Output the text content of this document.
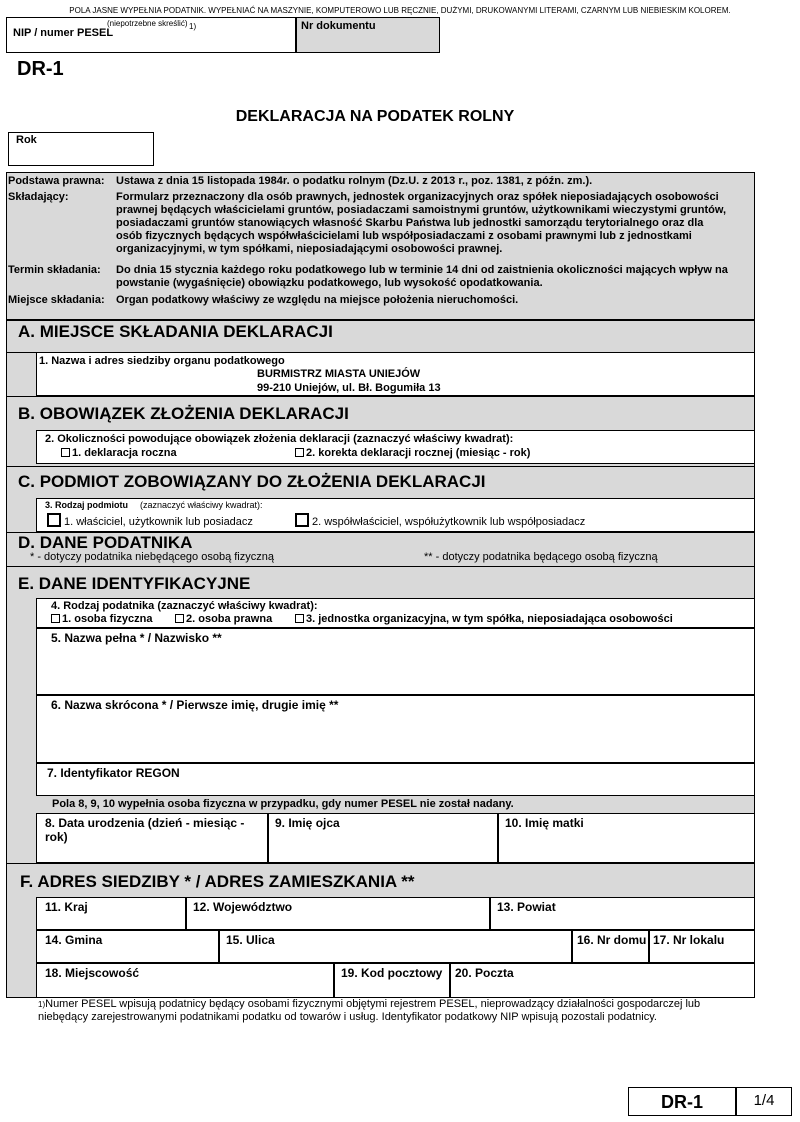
POLA JASNE WYPEŁNIA PODATNIK. WYPEŁNIAĆ NA MASZYNIE, KOMPUTEROWO LUB RĘCZNIE, DUŻYMI, DRUKOWANYMI LITERAMI, CZARNYM LUB NIEBIESKIM KOLOREM.
(niepotrzebne skreślić) 1)
NIP / numer PESEL
Nr dokumentu
DR-1
DEKLARACJA NA PODATEK ROLNY
Rok
Podstawa prawna: Ustawa z dnia 15 listopada 1984r. o podatku rolnym (Dz.U. z 2013 r., poz. 1381, z późn. zm.).
Składający:	Formularz przeznaczony dla osób prawnych, jednostek organizacyjnych oraz spółek nieposiadających osobowości
prawnej będących właścicielami gruntów, posiadaczami samoistnymi gruntów, użytkownikami wieczystymi gruntów,
posiadaczami gruntów stanowiących własność Skarbu Państwa lub jednostki samorządu terytorialnego oraz dla
osób fizycznych będących współwłaścicielami lub współposiadaczami z osobami prawnymi lub z jednostkami
organizacyjnymi, w tym spółkami, nieposiadającymi osobowości prawnej.
Termin składania: Do dnia 15 stycznia każdego roku podatkowego lub w terminie 14 dni od zaistnienia okoliczności mających wpływ na
powstanie (wygaśnięcie) obowiązku podatkowego, lub wysokość opodatkowania.
Miejsce składania: Organ podatkowy właściwy ze względu na miejsce położenia nieruchomości.
A. MIEJSCE SKŁADANIA DEKLARACJI
1. Nazwa i adres siedziby organu podatkowego
BURMISTRZ MIASTA UNIEJÓW
99-210 Uniejów, ul. Bł. Bogumiła 13
B. OBOWIĄZEK ZŁOŻENIA DEKLARACJI
2. Okoliczności powodujące obowiązek złożenia deklaracji (zaznaczyć właściwy kwadrat):
1. deklaracja roczna	2. korekta deklaracji rocznej (miesiąc - rok)
C. PODMIOT ZOBOWIĄZANY DO ZŁOŻENIA DEKLARACJI
3. Rodzaj podmiotu (zaznaczyć właściwy kwadrat):
1. właściciel, użytkownik lub posiadacz	2. współwłaściciel, współużytkownik lub współposiadacz
D. DANE PODATNIKA
* - dotyczy podatnika niebędącego osobą fizyczną	** - dotyczy podatnika będącego osobą fizyczną
E. DANE IDENTYFIKACYJNE
4. Rodzaj podatnika (zaznaczyć właściwy kwadrat):
1. osoba fizyczna	2. osoba prawna	3. jednostka organizacyjna, w tym spółka, nieposiadająca osobowości
5. Nazwa pełna * / Nazwisko **
6. Nazwa skrócona * / Pierwsze imię, drugie imię **
7. Identyfikator REGON
Pola 8, 9, 10 wypełnia osoba fizyczna w przypadku, gdy numer PESEL nie został nadany.
8. Data urodzenia (dzień - miesiąc - rok)
9. Imię ojca	10. Imię matki
F. ADRES SIEDZIBY * / ADRES ZAMIESZKANIA **
11. Kraj	12. Województwo	13. Powiat
14. Gmina	15. Ulica	16. Nr domu 17. Nr lokalu
18. Miejscowość	19. Kod pocztowy 20. Poczta
$^{1)}$Numer PESEL wpisują podatnicy będący osobami fizycznymi objętymi rejestrem PESEL, nieprowadzący działalności gospodarczej lub
niebędący zarejestrowanymi podatnikami podatku od towarów i usług. Identyfikator podatkowy NIP wpisują pozostali podatnicy.
DR-1	1/4
